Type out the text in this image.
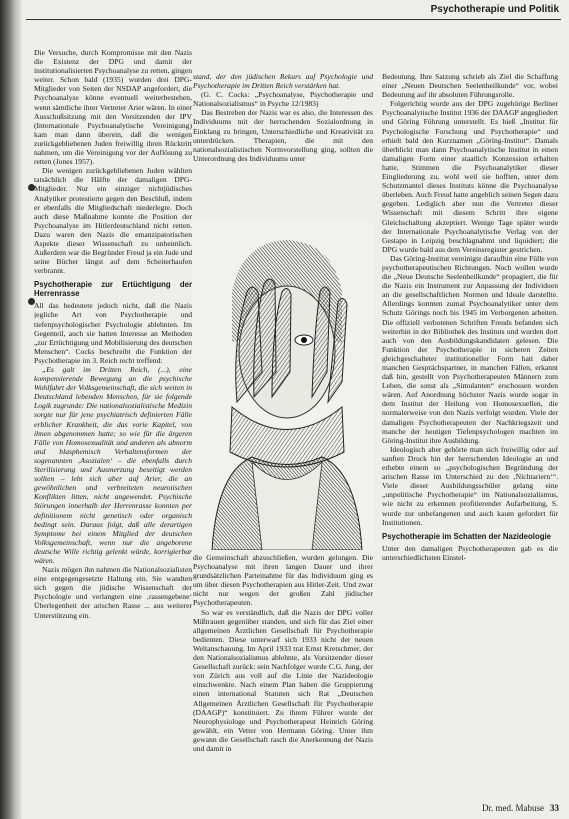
Psychotherapie und Politik

Die Versuche, durch Kompromisse mit den Nazis die Existenz der DPG und damit der institutionalisierten Psychoanalyse zu retten, gingen weiter. Schon bald (1935) wurden drei DPG-Mitglieder von Seiten der NSDAP angefordert, die Psychoanalyse könne eventuell weiterbestehen, wenn sämtliche ihrer Vertreter Arier wären. In einer Ausschußsitzung mit den Vorsitzenden der IPV (Internationale Psychoanalytische Vereinigung) kam man dann überein, daß die wenigen zurückgebliebenen Juden freiwillig ihren Rücktritt nahmen, um die Vereinigung vor der Auflösung zu retten (Jones 1957).

Die wenigen zurückgebliebenen Juden wählten tatsächlich die Hälfte der damaligen DPG-Mitglieder. Nur ein einziger nichtjüdisches Analytiker protestierte gegen den Beschluß, indem er ebenfalls die Mitgliedschaft niederlegte. Doch auch diese Maßnahme konnte die Position der Psychoanalyse im Hitlerdeutschland nicht retten. Dazu waren den Nazis die emanzipatorischen Aspekte dieser Wissenschaft zu unheimlich. Außerdem war die Begründer Freud ja ein Jude und seine Bücher längst auf dem Scheiterhaufen verbrannt.

Psychotherapie zur Ertüchtigung der Herrenrasse

All das bedeutete jedoch nicht, daß die Nazis jegliche Art von Psychotherapie und tiefenpsychologischer Psychologie ablehnten. Im Gegenteil, auch sie hatten Interesse an Methoden „zur Ertüchtigung und Mobilisierung des deutschen Menschen“. Cocks beschreibt die Funktion der Psychotherapie im 3. Reich recht treffend:

„Es galt im Dritten Reich, (...), eine kompensierende Bewegung an die psychische Wohlfahrt der Volksgemeinschaft, die sich weiten in Deutschland lebenden Menschen, für sie folgende Logik zugrunde: Die nationalsozialistische Medizin sorgte nur für jene psychiatrisch definierten Fälle erblicher Krankheit, die das vorie Kapitel, von ihnen abgenommen hatte; so wie für die ärgeren Fälle von Homosexualität und anderen als abnorm und blasphemisch Verhaltensformen der sogenannten ‚Asozialen‘ – die ebenfalls durch Sterilisierung und Ausmerzung beseitigt werden sollten – lebt sich aber auf Arier, die an gewöhnlichen und verbreiteten neurotischen Konflikten litten, nicht angewendet. Psychische Störungen innerhalb der Herrenrasse konnten per definitionem nicht genetisch oder organisch bedingt sein. Daraus folgt, daß alle derartigen Symptome bei einem Mitglied der deutschen Volksgemeinschaft, wenn nur die angeborene deutsche Wille richtig gelenkt würde, korrigierbar wären.

Nazis mögen ihn nahmen die Nationalsozialisten eine entgegengesetzte Haltung ein. Sie wandten sich gegen die jüdische Wissenschaft der Psychologie und verlangten eine ‚rassengebene‘ Überlegenheit der arischen Rasse ... aus weiterer Unterstützung ein.

stand, der den jüdischen Rekurs auf Psychologie und Psychotherapie im Dritten Reich verstärken hat.

(G. C. Cocks: „Psychoanalyse, Psychotherapie und Nationalsozialismus“ in Psyche 12/1983)

Das Bestreben der Nazis war es also, die Interessen des Individuums mit der herrschenden Sozialordnung in Einklang zu bringen, Unterschiedliche und Kreativität zu unterdrücken. Therapien, die mit den nationalsozialistischen Normvorstellung ging, sollten die Unterordnung des Individuums unter

die Gemeinschaft abzuschließen, wurden gelungen. Die Psychoanalyse mit ihren langen Dauer und ihrer grundsätzlichen Parteinahme für das Individuum ging es um über diesen Psychotherapien aus Hitler-Zeit. Und zwar nicht nur wegen der großen Zahl jüdischer Psychotherapeuten.

So war es verständlich, daß die Nazis der DPG voller Mißtrauen gegenüber standen, und sich für das Ziel einer allgemeinen Ärztlichen Gesellschaft für Psychotherapie bedienten. Diese unterwarf sich 1933 nicht der neuen Weltanschauung. Im April 1933 trat Ernst Kretschmer, der den Nationalsozialismus ablehnte, als Vorsitzender dieser Gesellschaft zurück: sein Nachfolger wurde C.G. Jung, der von Zürich aus voll auf die Linie der Nazideologie einschwenkte. Nach einem Plan haben die Gruppierung einen international Statuten sich Rat „Deutschen Allgemeinen Ärztlichen Gesellschaft für Psychotherapie (DAAGP)“ konstituiert. Zu ihrem Führer wurde der Neurophysiologe und Psychotherapeut Heinrich Göring gewählt, ein Vetter von Hermann Göring. Unter ihm gewann die Gesellschaft rasch die Anerkennung der Nazis und damit in

Bedeutung. Ihre Satzung schrieb als Ziel die Schaffung einer „Neuen Deutschen Seelenheilkunde“ vor, wobei Bedeutung auf ihr absoluten Führungsrolle.

Folgerichtig wurde aus der DPG zugehörige Berliner Psychoanalytische Institut 1936 der DAAGP angegliedert und Göring Führung unterstellt. Es hieß „Institut für Psychologische Forschung und Psychotherapie“ und erhielt bald den Kurznamen „Göring-Institut“. Damals überblickt man dann Psychoanalytische Institut in einen damaligen Form einer staatlich Konzession erhalten hatte, Stimmen die Psychoanalytiker dieser Eingliederung zu, wohl weil sie hofften, unter dem Schutzmantel dieses Instituts könne die Psychoanalyse überleben. Auch Freud hatte angeblich seinen Segen dazu gegeben. Lediglich aber nun die Vertreter dieser Wissenschaft mit diesem Schritt ihre eigene Gleichschaltung akzeptiert. Wenige Tage später wurde der Internationale Psychoanalytische Verlag von der Gestapo in Leipzig beschlagnahmt und liquidiert; die DPG wurde bald aus dem Vereinsregister gestrichen.

Das Göring-Institut vereinigte daraufhin eine Fülle von psychotherapeutischen Richtungen. Noch wollen wurde die „Neue Deutsche Seelenheilkunde“ propagiert, die für die Nazis ein Instrument zur Anpassung der Individuen an die gesellschaftlichen Normen und Ideale darstellte. Allerdings konnten zumal Psychoanalytiker unter dem Schutz Görings noch bis 1945 im Verborgenen arbeiten. Die offiziell verbotenen Schriften Freuds befanden sich weiterhin in der Bibliothek des Instituts und wurden dort auch von den Ausbildungskandidaten gelesen. Die Funktion der Psychotherapie in sicheren Zeiten gleichgeschalteter institutioneller Form hatt daher manchen Gesprächspartner, in manchen Fällen, erkannt daß hin, gestellt von Psychotherapeuten Männern zum Leben, die sonst als „Simulanten“ erschossen worden wären. Auf Anordnung höchster Nazis wurde sogar in dem Institut der Heilung von Homosexuellen, die normalerweise von den Nazis verfolgt wurden. Viele der damaligen Psychotherapeuten der Nachkriegszeit und manche der heutigen Tiefenpsychologen machten im Göring-Institut ihre Ausbildung.

Ideologisch aber gehörte man sich freiwillig oder auf sanften Druck hin der herrschenden Ideologie an und erhebte einem so „psychologischen Begründung der arischen Rasse im Unterschied zu den ‚Nichtariern‘“. Viele dieser Ausbildungsschüler gelang eine „unpolitische Psychotherapie“ im Nationalsozialismus, wie nicht zu erkennen profitierender Aufarbeitung, S. wurde zur unbefangenen und auch kaum gefordert für Institutionen.

Psychotherapie im Schatten der Nazideologie

Unter den damaligen Psychotherapeuten gab es die unterschiedlichsten Einstel-

Dr. med. Mabuse 33
